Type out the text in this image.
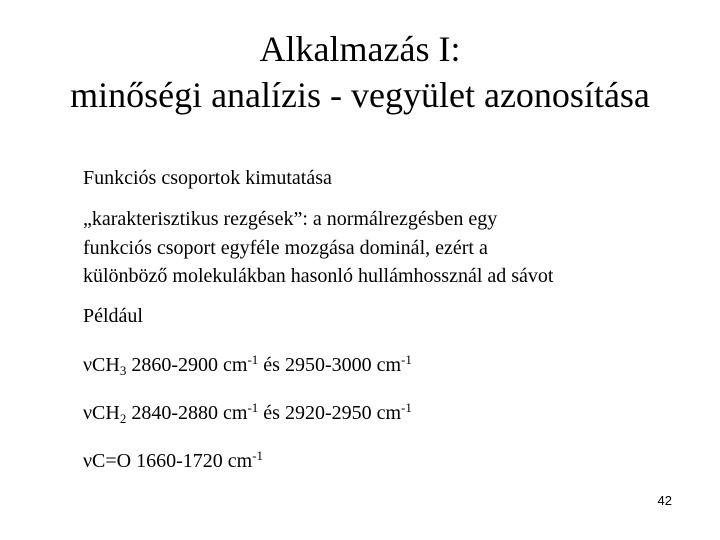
Alkalmazás I:
minőségi analízis - vegyület azonosítása

Funkciós csoportok kimutatása

„karakterisztikus rezgések”: a normálrezgésben egy
funkciós csoport egyféle mozgása dominál, ezért a
különböző molekulákban hasonló hullámhossznál ad sávot

Például

νCH$_3$ 2860-2900 $cm^{-1}$ és 2950-3000 $cm^{-1}$

νCH$_2$ 2840-2880 $cm^{-1}$ és 2920-2950 $cm^{-1}$

νC=O 1660-1720 $cm^{-1}$

42
